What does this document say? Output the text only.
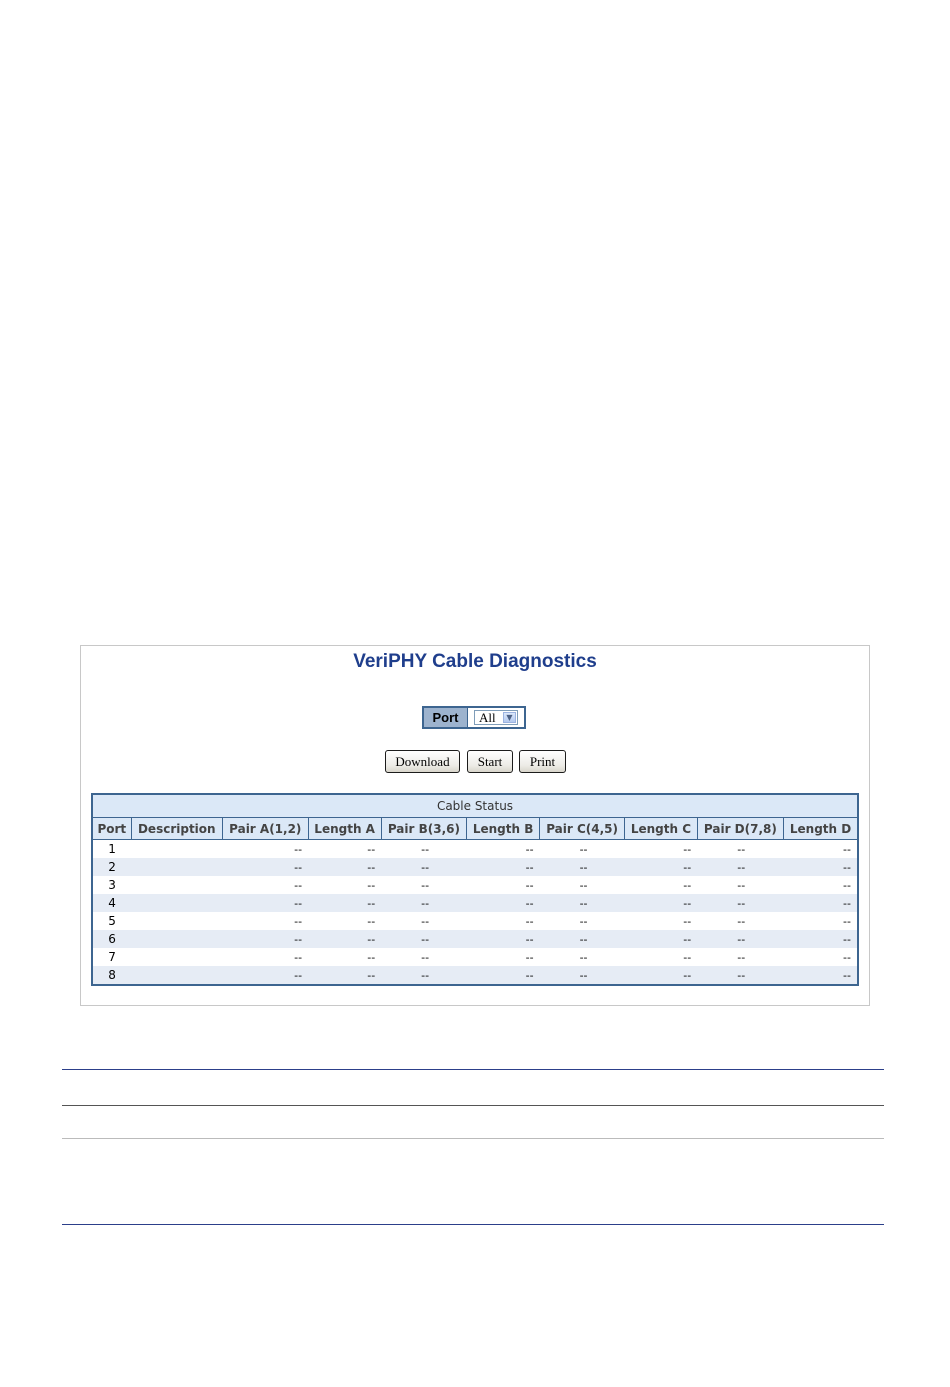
VeriPHY Cable Diagnostics
Port	All	▼
Download	Start	Print
Cable Status									
Port	Description	Pair A(1,2)	Length A	Pair B(3,6)	Length B	Pair C(4,5)	Length C	Pair D(7,8)	Length D
1		--	--	--	--	--	--	--	--
2		--	--	--	--	--	--	--	--
3		--	--	--	--	--	--	--	--
4		--	--	--	--	--	--	--	--
5		--	--	--	--	--	--	--	--
6		--	--	--	--	--	--	--	--
7		--	--	--	--	--	--	--	--
8		--	--	--	--	--	--	--	--
